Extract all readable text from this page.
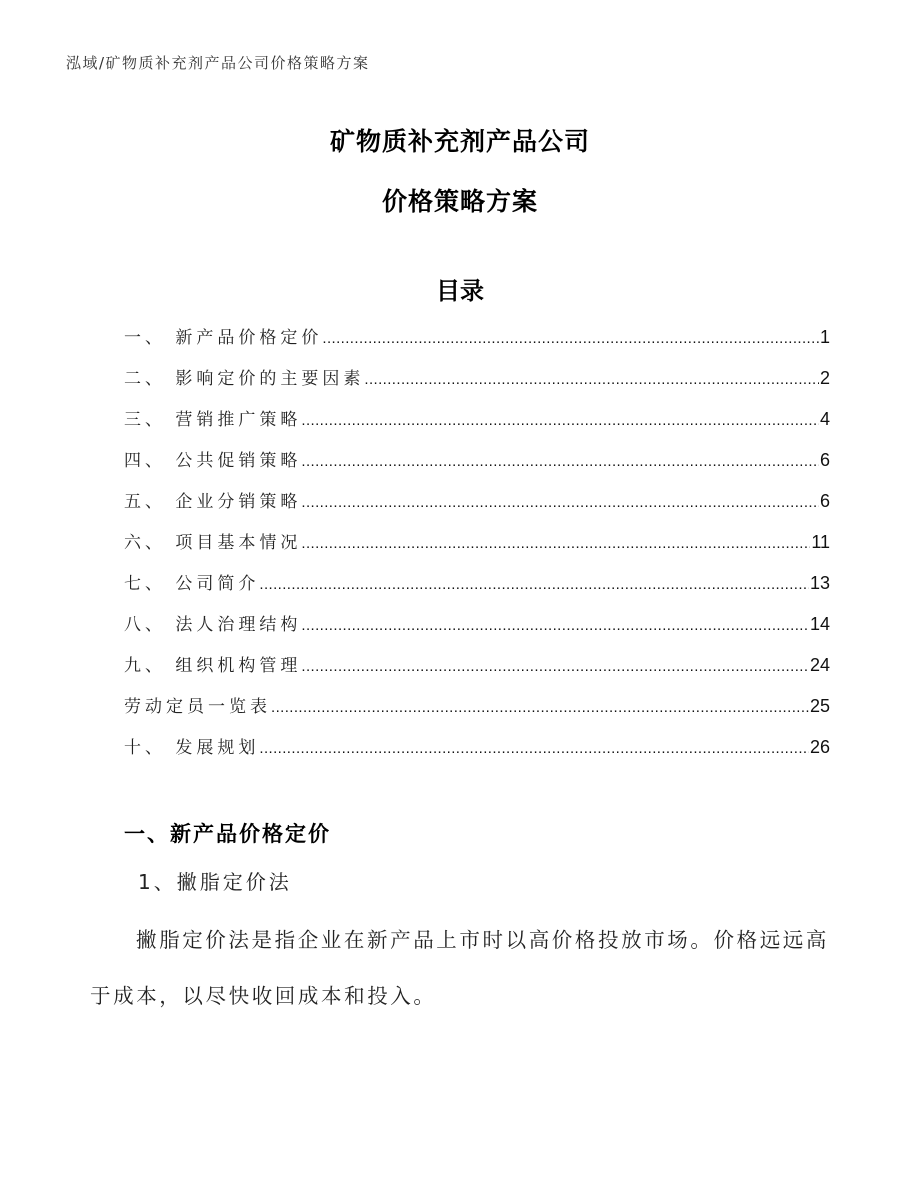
泓域/矿物质补充剂产品公司价格策略方案
矿物质补充剂产品公司
价格策略方案
目录
一、 新产品价格定价 .....	1
二、 影响定价的主要因素 .....	2
三、 营销推广策略 .....	4
四、 公共促销策略 .....	6
五、 企业分销策略 .....	6
六、 项目基本情况 .....	11
七、 公司简介 .....	13
八、 法人治理结构 .....	14
九、 组织机构管理 .....	24
劳动定员一览表 .....	25
十、 发展规划 .....	26
一、新产品价格定价
1、撇脂定价法
撇脂定价法是指企业在新产品上市时以高价格投放市场。价格远远高于成本，以尽快收回成本和投入。
